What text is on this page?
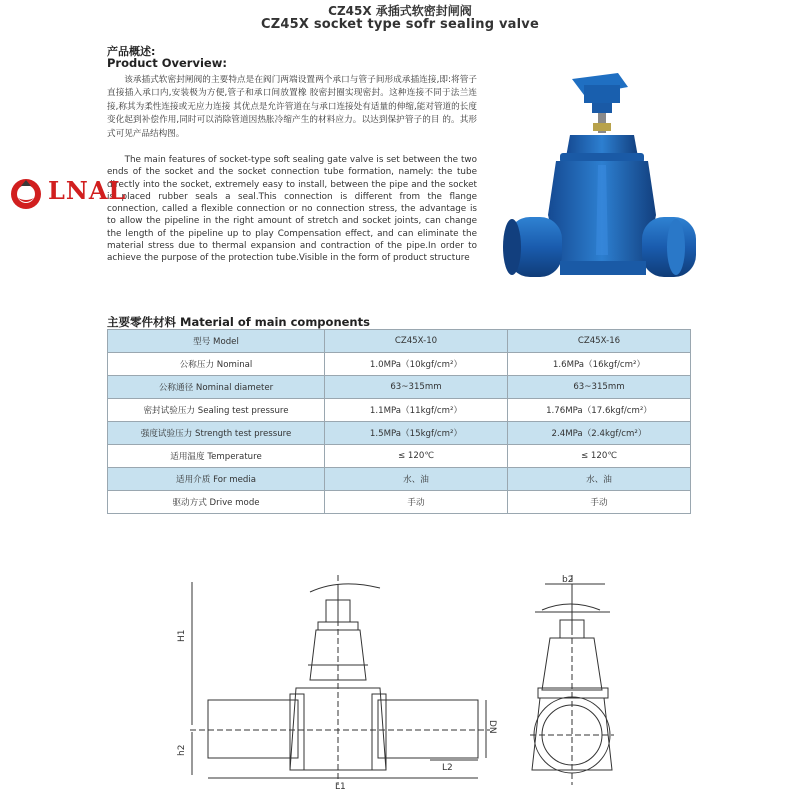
CZ45X 承插式软密封闸阀
CZ45X socket type sofr sealing valve
产品概述:
Product Overview:
该承插式软密封闸阀的主要特点是在阀门两端设置两个承口与管子间形成承插连接,即:将管子直接插入承口内,安装极为方便,管子和承口间放置橡 胶密封圈实现密封。这种连接不同于法兰连接,称其为柔性连接或无应力连接 其优点是允许管道在与承口连接处有适量的伸缩,能对管道的长度变化起到补偿作用,同时可以消除管道因热胀冷缩产生的材料应力。以达到保护管子的目 的。其形式可见产品结构图。
The main features of socket-type soft sealing gate valve is set between the two ends of the socket and the socket connection tube formation, namely: the tube directly into the socket, extremely easy to install, between the pipe and the socket is placed rubber seals a seal.This connection is different from the flange connection, called a flexible connection or no connection stress, the advantage is to allow the pipeline in the right amount of stretch and socket joints, can change the length of the pipeline up to play Compensation effect, and can eliminate the material stress due to thermal expansion and contraction of the pipe.In order to achieve the purpose of the protection tube.Visible in the form of product structure
LNAL
主要零件材料 Material of main components
型号 Model	CZ45X-10	CZ45X-16
公称压力 Nominal	1.0MPa（10kgf/cm²）	1.6MPa（16kgf/cm²）
公称通径 Nominal diameter	63~315mm	63~315mm
密封试验压力 Sealing test pressure	1.1MPa（11kgf/cm²）	1.76MPa（17.6kgf/cm²）
强度试验压力 Strength test pressure	1.5MPa（15kgf/cm²）	2.4MPa（2.4kgf/cm²）
适用温度 Temperature	≤ 120℃	≤ 120℃
适用介质 For media	水、油	水、油
驱动方式 Drive mode	手动	手动
H1
h2
L1
L2
DN
b2
